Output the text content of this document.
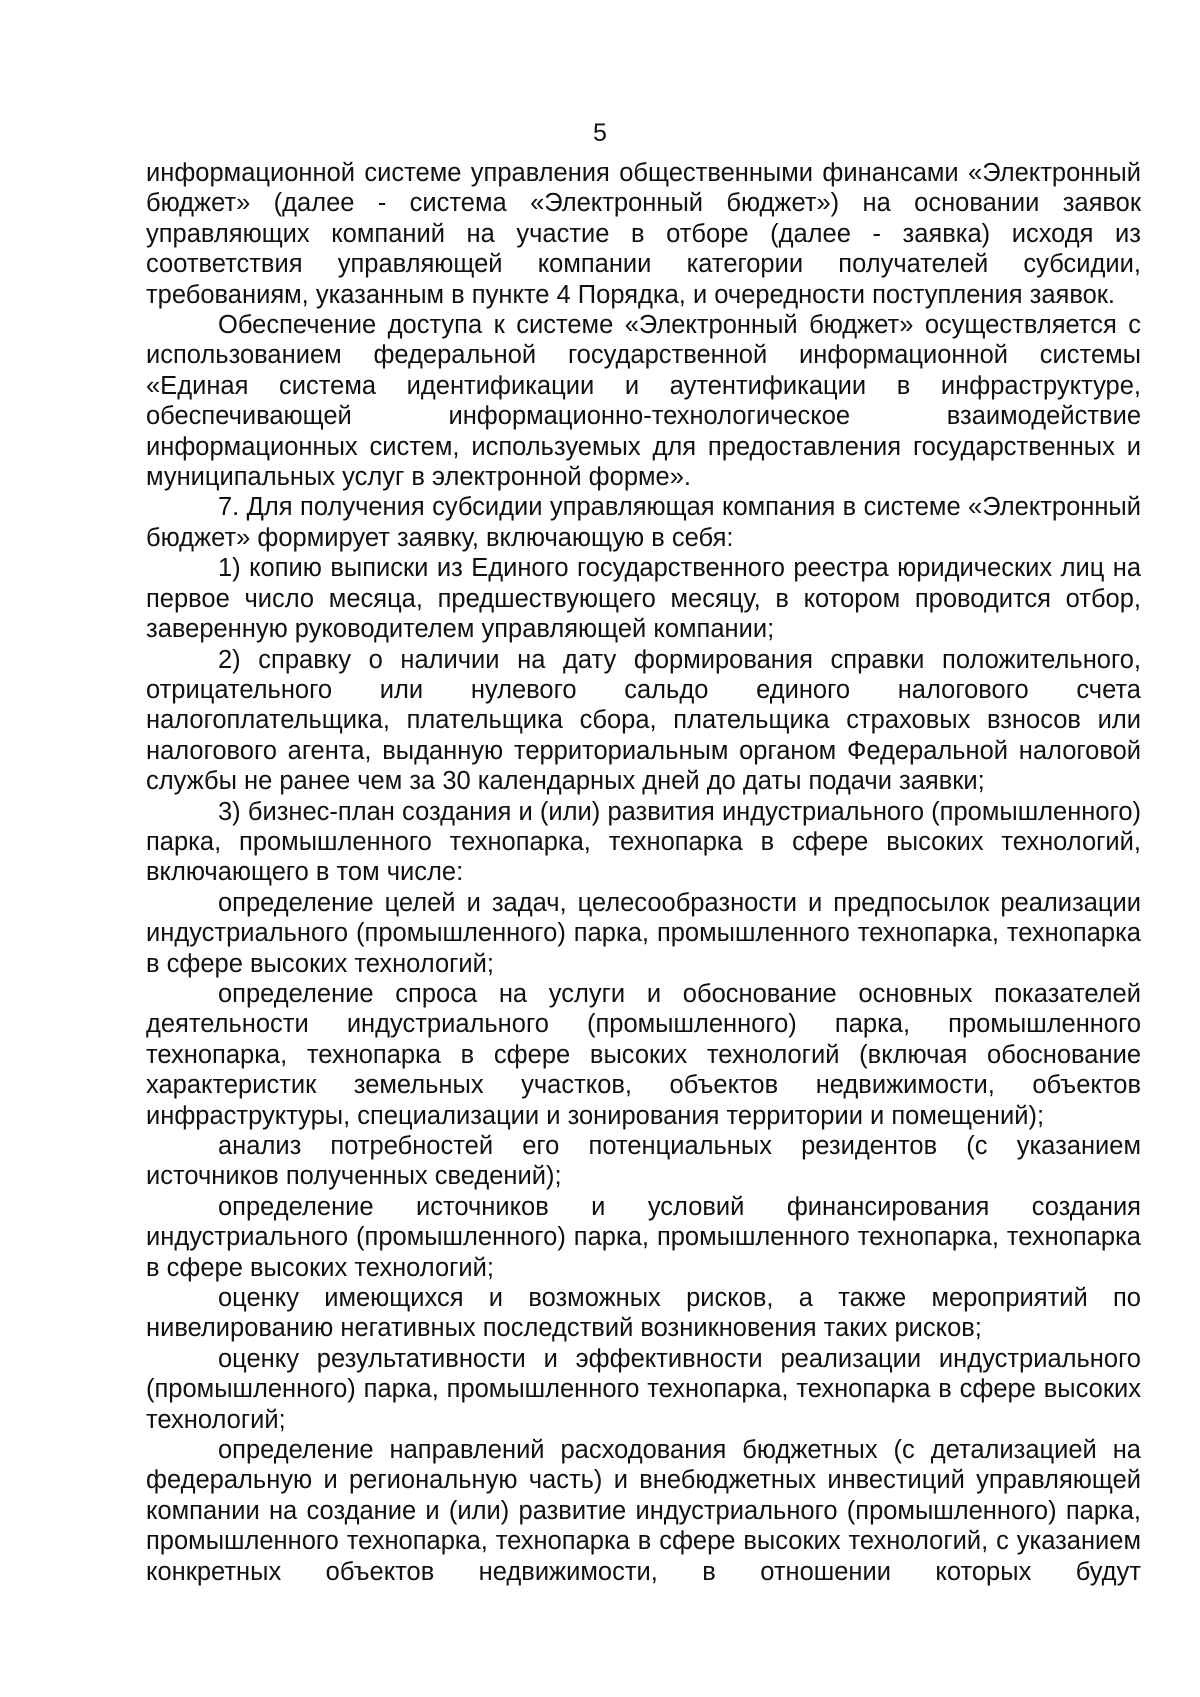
5

информационной системе управления общественными финансами «Электронный бюджет» (далее - система «Электронный бюджет») на основании заявок управляющих компаний на участие в отборе (далее - заявка) исходя из соответствия управляющей компании категории получателей субсидии, требованиям, указанным в пункте 4 Порядка, и очередности поступления заявок.

Обеспечение доступа к системе «Электронный бюджет» осуществляется с использованием федеральной государственной информационной системы «Единая система идентификации и аутентификации в инфраструктуре, обеспечивающей информационно-технологическое взаимодействие информационных систем, используемых для предоставления государственных и муниципальных услуг в электронной форме».

7. Для получения субсидии управляющая компания в системе «Электронный бюджет» формирует заявку, включающую в себя:

1) копию выписки из Единого государственного реестра юридических лиц на первое число месяца, предшествующего месяцу, в котором проводится отбор, заверенную руководителем управляющей компании;

2) справку о наличии на дату формирования справки положительного, отрицательного или нулевого сальдо единого налогового счета налогоплательщика, плательщика сбора, плательщика страховых взносов или налогового агента, выданную территориальным органом Федеральной налоговой службы не ранее чем за 30 календарных дней до даты подачи заявки;

3) бизнес-план создания и (или) развития индустриального (промышленного) парка, промышленного технопарка, технопарка в сфере высоких технологий, включающего в том числе:

определение целей и задач, целесообразности и предпосылок реализации индустриального (промышленного) парка, промышленного технопарка, технопарка в сфере высоких технологий;

определение спроса на услуги и обоснование основных показателей деятельности индустриального (промышленного) парка, промышленного технопарка, технопарка в сфере высоких технологий (включая обоснование характеристик земельных участков, объектов недвижимости, объектов инфраструктуры, специализации и зонирования территории и помещений);

анализ потребностей его потенциальных резидентов (с указанием источников полученных сведений);

определение источников и условий финансирования создания индустриального (промышленного) парка, промышленного технопарка, технопарка в сфере высоких технологий;

оценку имеющихся и возможных рисков, а также мероприятий по нивелированию негативных последствий возникновения таких рисков;

оценку результативности и эффективности реализации индустриального (промышленного) парка, промышленного технопарка, технопарка в сфере высоких технологий;

определение направлений расходования бюджетных (с детализацией на федеральную и региональную часть) и внебюджетных инвестиций управляющей компании на создание и (или) развитие индустриального (промышленного) парка, промышленного технопарка, технопарка в сфере высоких технологий, с указанием конкретных объектов недвижимости, в отношении которых будут
